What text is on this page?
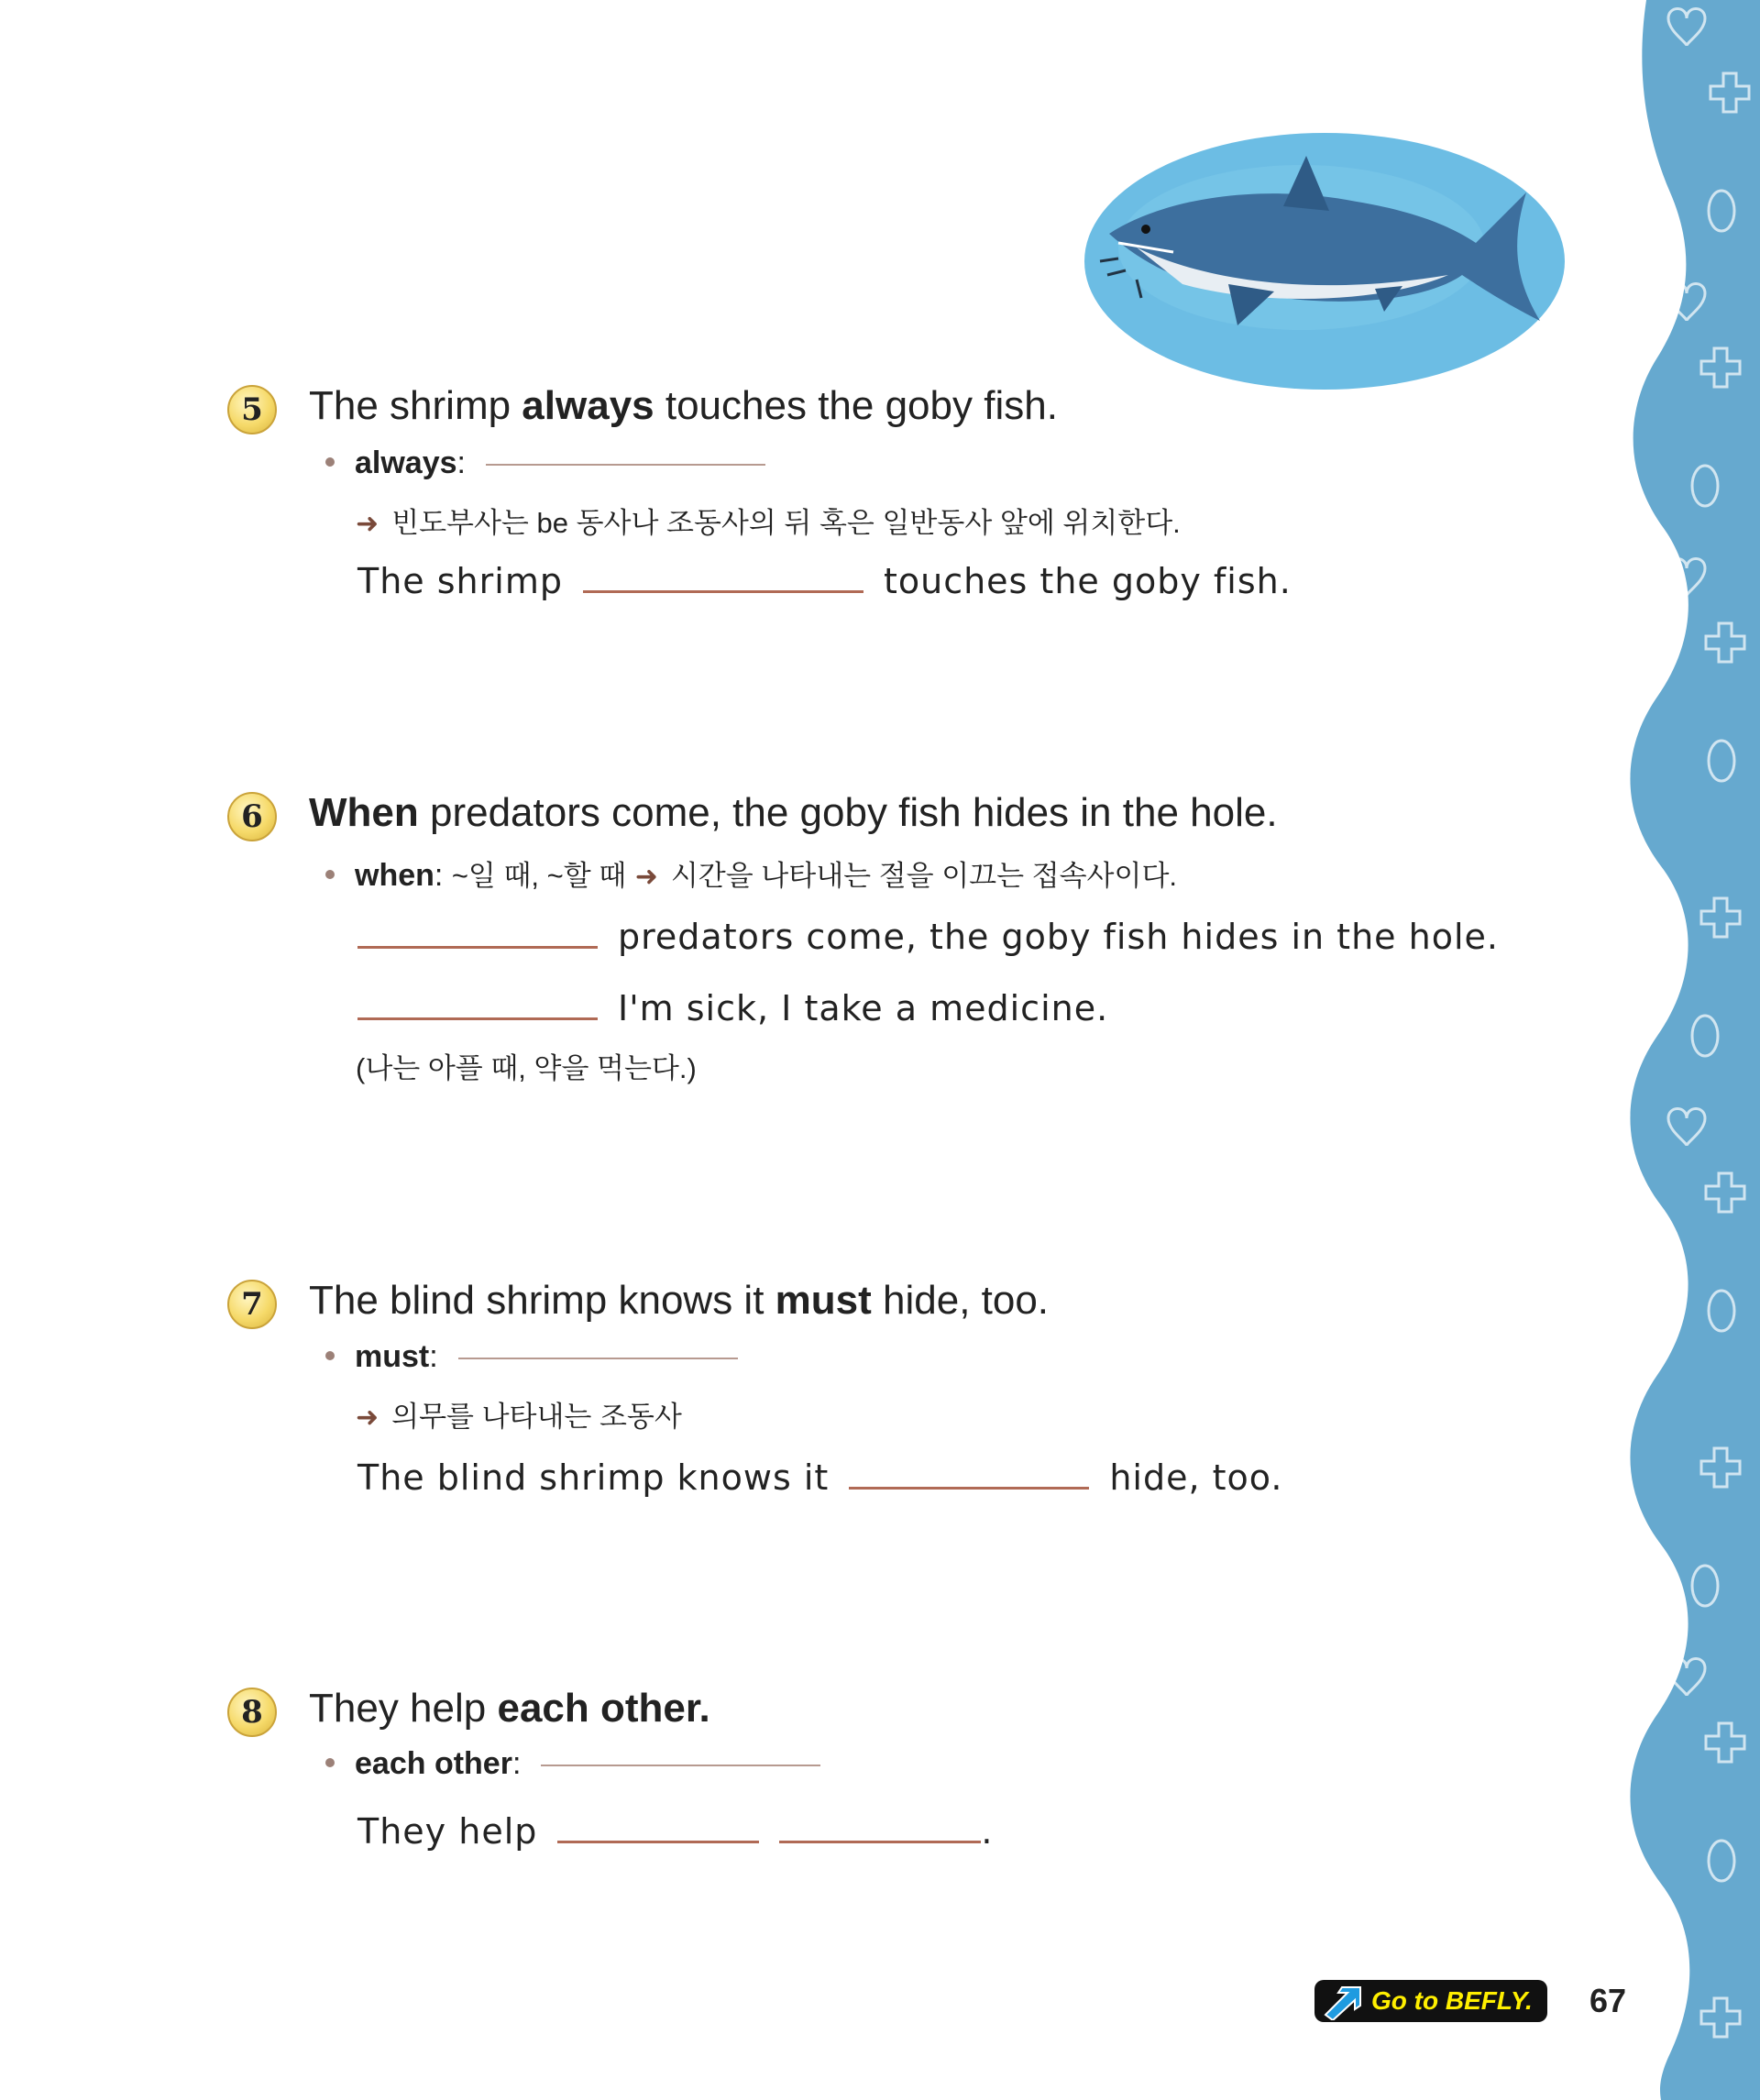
5	The shrimp always touches the goby fish.
always:
➜ 빈도부사는 be 동사나 조동사의 뒤 혹은 일반동사 앞에 위치한다.
The shrimp	touches the goby fish.
6	When predators come, the goby fish hides in the hole.
when: ~일 때, ~할 때 ➜ 시간을 나타내는 절을 이끄는 접속사이다.
predators come, the goby fish hides in the hole.
I'm sick, I take a medicine.
(나는 아플 때, 약을 먹는다.)
7	The blind shrimp knows it must hide, too.
must:
➜ 의무를 나타내는 조동사
The blind shrimp knows it	hide, too.
8	They help each other.
each other:
They help	.
Go to BEFLY. 67
